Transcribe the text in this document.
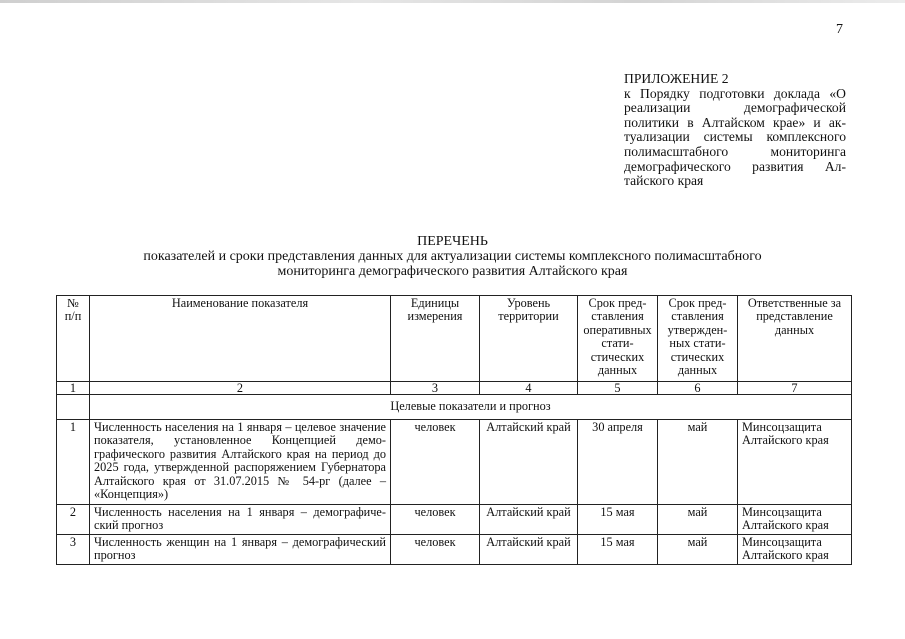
7
ПРИЛОЖЕНИЕ 2
к Порядку подготовки доклада «О реализации демографической политики в Алтайском крае» и актуализации системы комплексного полимасштабного мониторинга демографического развития Алтайского края
ПЕРЕЧЕНЬ
показателей и сроки представления данных для актуализации системы комплексного полимасштабного мониторинга демографического развития Алтайского края
№ п/п	Наименование показателя	Единицы измерения	Уровень территории	Срок представления оперативных статистических данных	Срок представления утвержденных статистических данных	Ответственные за представление данных
1	2	3	4	5	6	7
	Целевые показатели и прогноз					
1	Численность населения на 1 января – целевое значение показателя, установленное Концепцией демографического развития Алтайского края на период до 2025 года, утвержденной распоряжением Губернатора Алтайского края от 31.07.2015 № 54-рг (далее – «Концепция»)	человек	Алтайский край	30 апреля	май	Минсоцзащита Алтайского края
2	Численность населения на 1 января – демографический прогноз	человек	Алтайский край	15 мая	май	Минсоцзащита Алтайского края
3	Численность женщин на 1 января – демографический прогноз	человек	Алтайский край	15 мая	май	Минсоцзащита Алтайского края
